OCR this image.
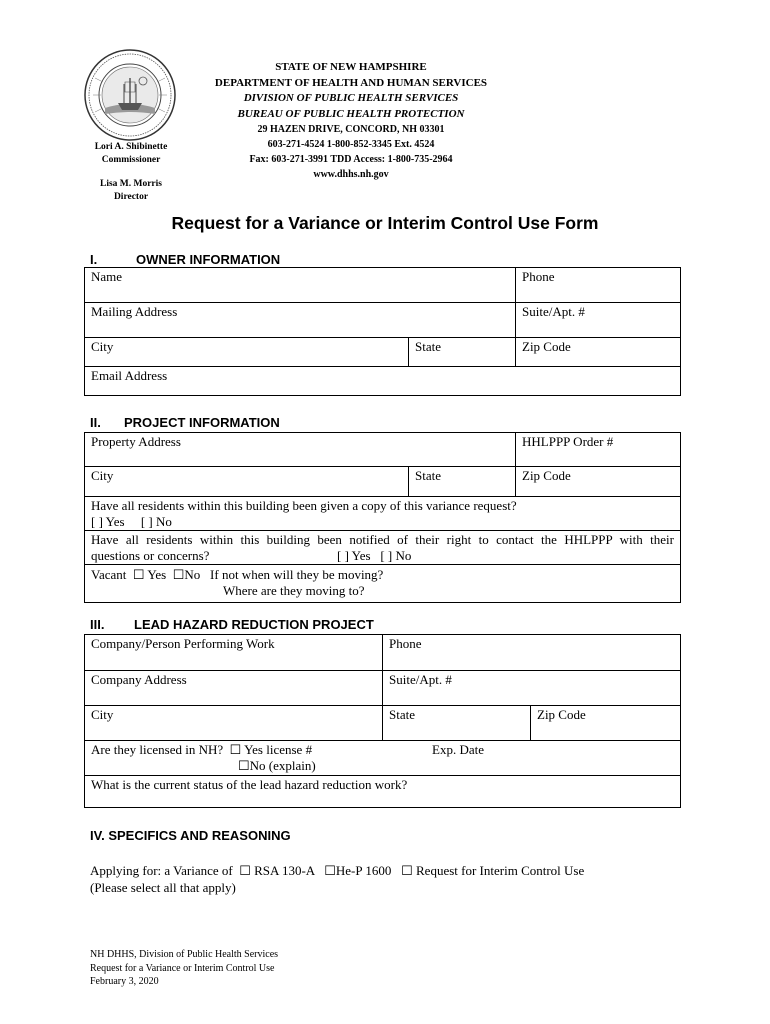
Lori A. Shibinette
Commissioner
Lisa M. Morris
Director
STATE OF NEW HAMPSHIRE
DEPARTMENT OF HEALTH AND HUMAN SERVICES
DIVISION OF PUBLIC HEALTH SERVICES
BUREAU OF PUBLIC HEALTH PROTECTION
29 HAZEN DRIVE, CONCORD, NH 03301
603-271-4524 1-800-852-3345 Ext. 4524
Fax: 603-271-3991 TDD Access: 1-800-735-2964
www.dhhs.nh.gov
Request for a Variance or Interim Control Use Form
I.	OWNER INFORMATION
Name	Phone
Mailing Address	Suite/Apt. #
City	State	Zip Code
Email Address
II. PROJECT INFORMATION
Property Address	HHLPPP Order #
City	State	Zip Code
Have all residents within this building been given a copy of this variance request?
[ ] Yes     [ ] No
Have all residents within this building been notified of their right to contact the HHLPPP with their
questions or concerns?	[ ] Yes   [ ] No
Vacant ☐ Yes ☐No If not when will they be moving?
Where are they moving to?
III. LEAD HAZARD REDUCTION PROJECT
Company/Person Performing Work	Phone
Company Address	Suite/Apt. #
City	State	Zip Code
Are they licensed in NH? ☐ Yes license #	Exp. Date
☐No (explain)
What is the current status of the lead hazard reduction work?
IV. SPECIFICS AND REASONING
Applying for: a Variance of ☐ RSA 130-A ☐He-P 1600 ☐ Request for Interim Control Use
(Please select all that apply)
NH DHHS, Division of Public Health Services
Request for a Variance or Interim Control Use
February 3, 2020
